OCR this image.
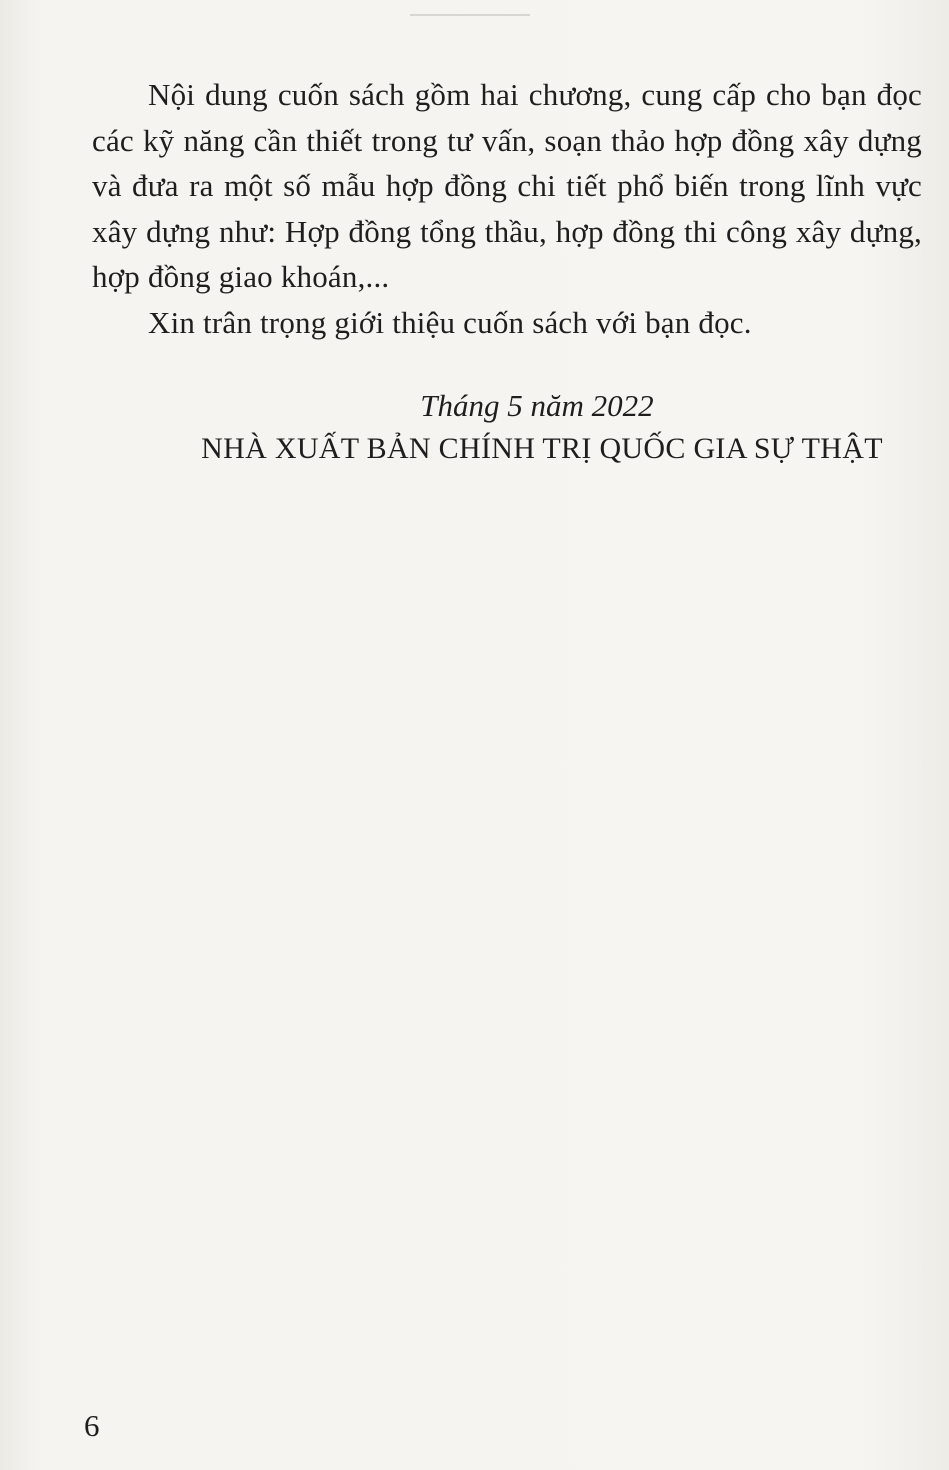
Nội dung cuốn sách gồm hai chương, cung cấp cho bạn đọc các kỹ năng cần thiết trong tư vấn, soạn thảo hợp đồng xây dựng và đưa ra một số mẫu hợp đồng chi tiết phổ biến trong lĩnh vực xây dựng như: Hợp đồng tổng thầu, hợp đồng thi công xây dựng, hợp đồng giao khoán,...

Xin trân trọng giới thiệu cuốn sách với bạn đọc.

Tháng 5 năm 2022
NHÀ XUẤT BẢN CHÍNH TRỊ QUỐC GIA SỰ THẬT
6
